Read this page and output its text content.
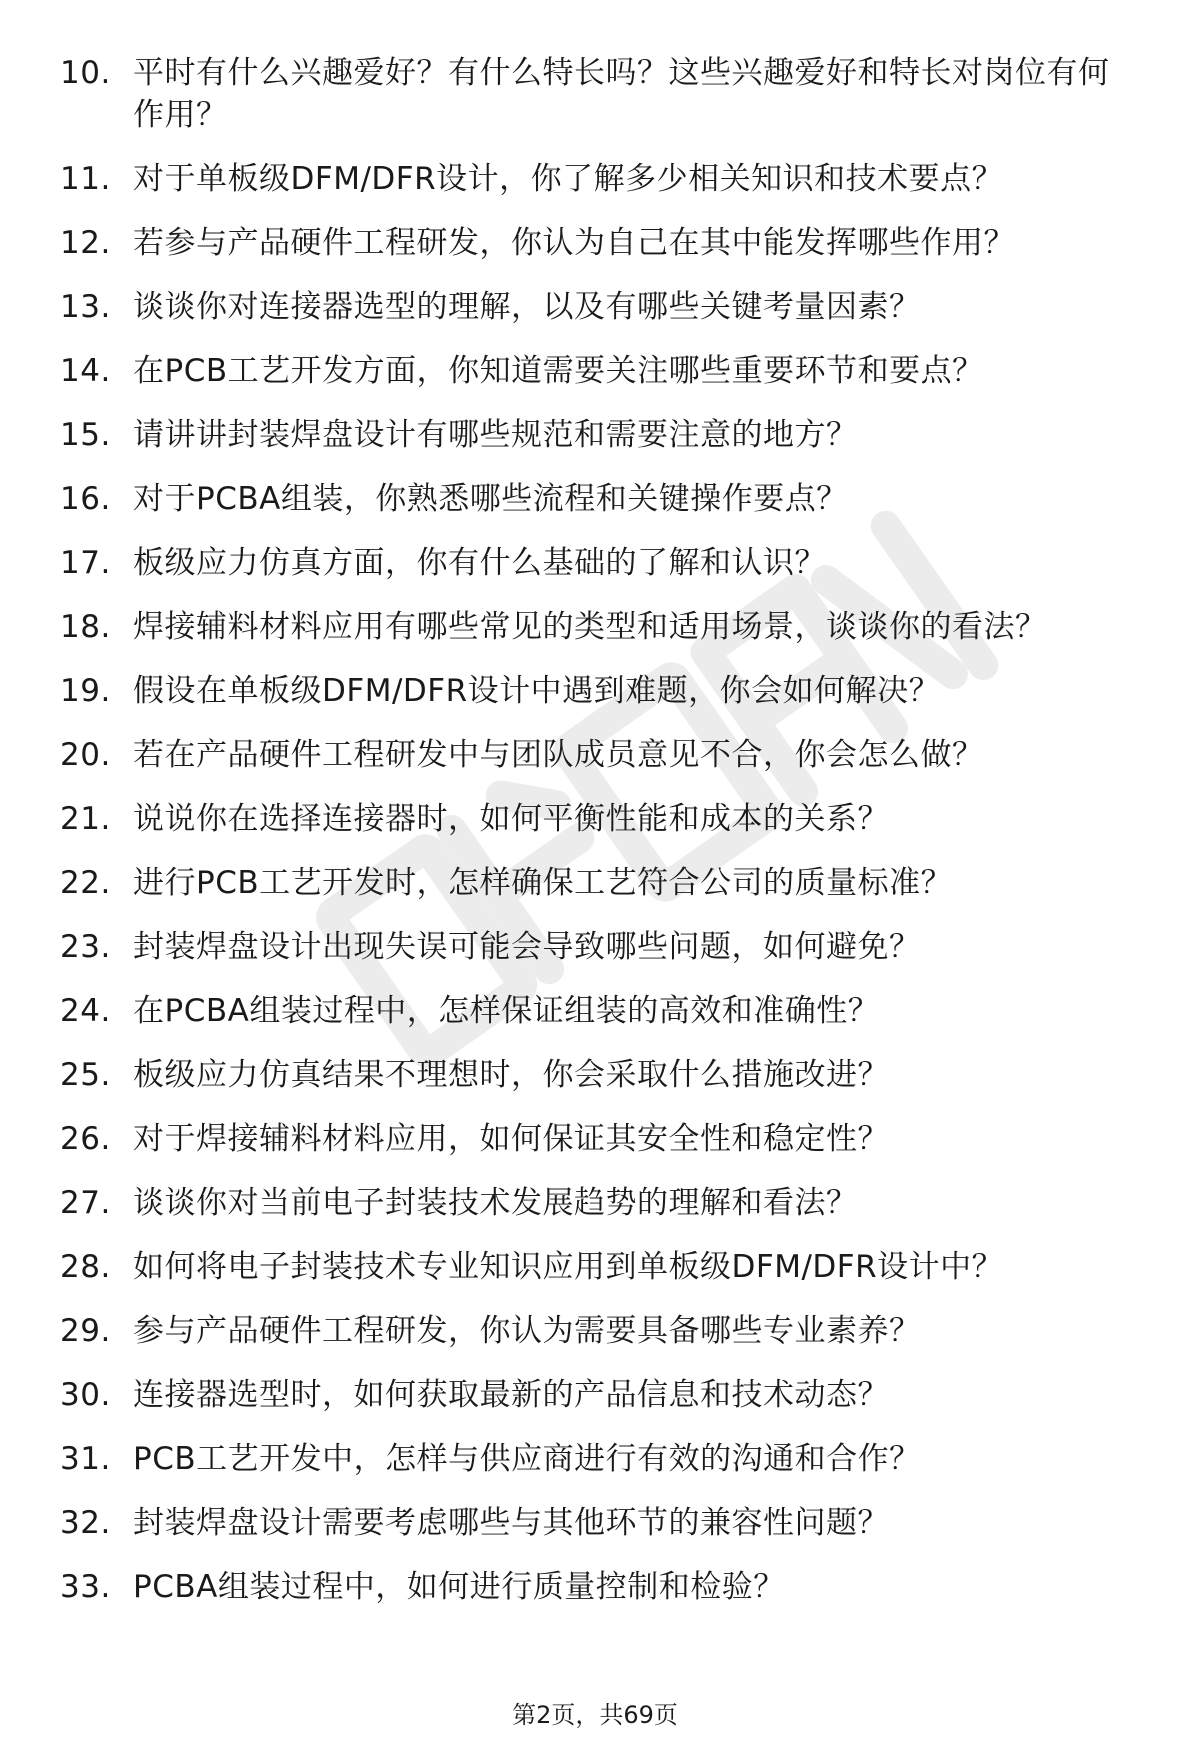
10. 平时有什么兴趣爱好？有什么特长吗？这些兴趣爱好和特长对岗位有何作用？
11. 对于单板级DFM/DFR设计，你了解多少相关知识和技术要点？
12. 若参与产品硬件工程研发，你认为自己在其中能发挥哪些作用？
13. 谈谈你对连接器选型的理解，以及有哪些关键考量因素？
14. 在PCB工艺开发方面，你知道需要关注哪些重要环节和要点？
15. 请讲讲封装焊盘设计有哪些规范和需要注意的地方？
16. 对于PCBA组装，你熟悉哪些流程和关键操作要点？
17. 板级应力仿真方面，你有什么基础的了解和认识？
18. 焊接辅料材料应用有哪些常见的类型和适用场景，谈谈你的看法？
19. 假设在单板级DFM/DFR设计中遇到难题，你会如何解决？
20. 若在产品硬件工程研发中与团队成员意见不合，你会怎么做？
21. 说说你在选择连接器时，如何平衡性能和成本的关系？
22. 进行PCB工艺开发时，怎样确保工艺符合公司的质量标准？
23. 封装焊盘设计出现失误可能会导致哪些问题，如何避免？
24. 在PCBA组装过程中，怎样保证组装的高效和准确性？
25. 板级应力仿真结果不理想时，你会采取什么措施改进？
26. 对于焊接辅料材料应用，如何保证其安全性和稳定性？
27. 谈谈你对当前电子封装技术发展趋势的理解和看法？
28. 如何将电子封装技术专业知识应用到单板级DFM/DFR设计中？
29. 参与产品硬件工程研发，你认为需要具备哪些专业素养？
30. 连接器选型时，如何获取最新的产品信息和技术动态？
31. PCB工艺开发中，怎样与供应商进行有效的沟通和合作？
32. 封装焊盘设计需要考虑哪些与其他环节的兼容性问题？
33. PCBA组装过程中，如何进行质量控制和检验？
第2页，共69页
